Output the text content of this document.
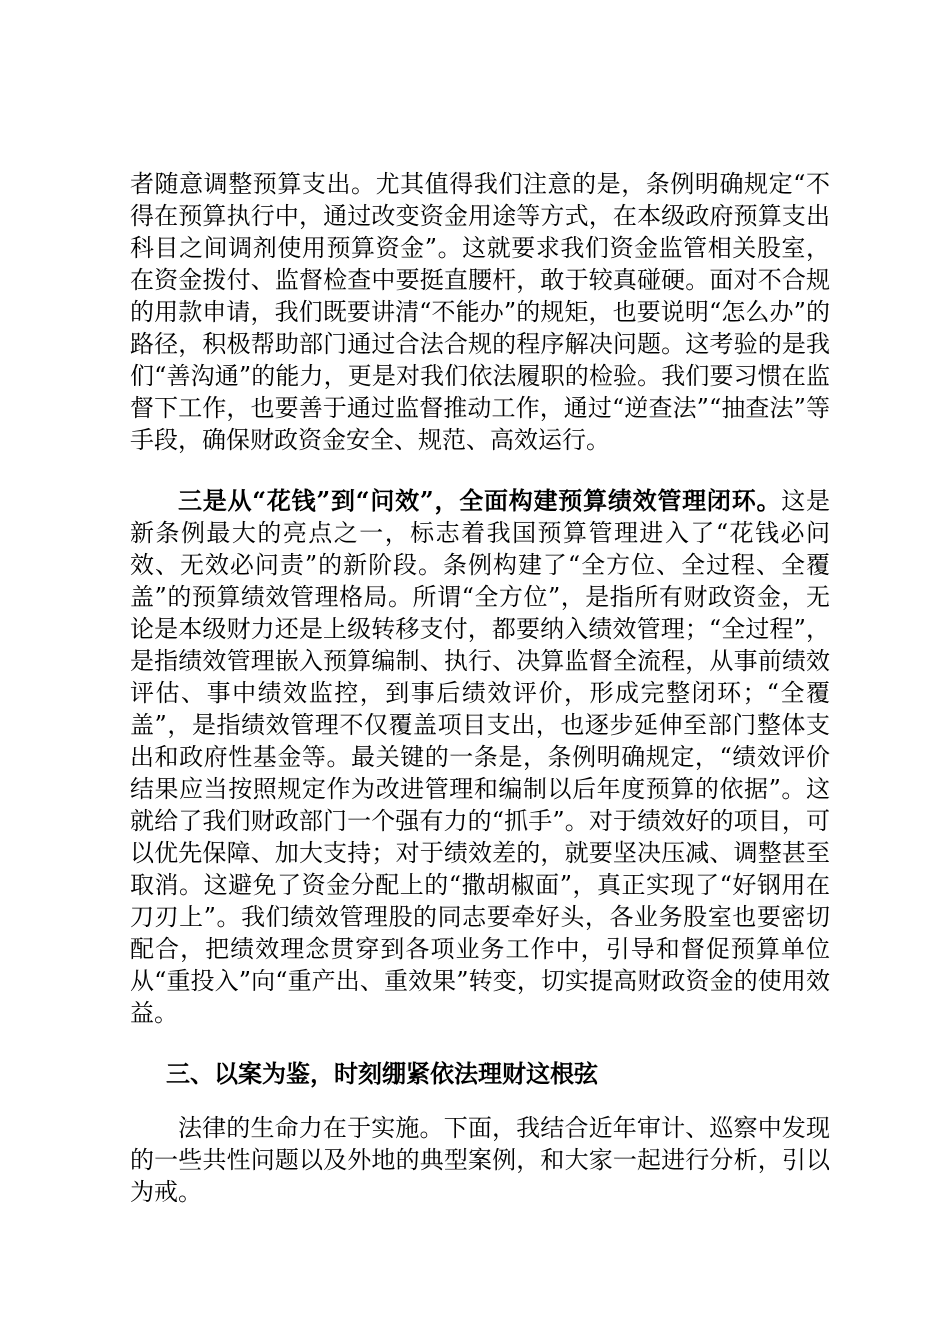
者随意调整预算支出。尤其值得我们注意的是，条例明确规定“不得在预算执行中，通过改变资金用途等方式，在本级政府预算支出科目之间调剂使用预算资金”。这就要求我们资金监管相关股室，在资金拨付、监督检查中要挺直腰杆，敢于较真碰硬。面对不合规的用款申请，我们既要讲清“不能办”的规矩，也要说明“怎么办”的路径，积极帮助部门通过合法合规的程序解决问题。这考验的是我们“善沟通”的能力，更是对我们依法履职的检验。我们要习惯在监督下工作，也要善于通过监督推动工作，通过“逆查法”“抽查法”等手段，确保财政资金安全、规范、高效运行。

三是从“花钱”到“问效”，全面构建预算绩效管理闭环。这是新条例最大的亮点之一，标志着我国预算管理进入了“花钱必问效、无效必问责”的新阶段。条例构建了“全方位、全过程、全覆盖”的预算绩效管理格局。所谓“全方位”，是指所有财政资金，无论是本级财力还是上级转移支付，都要纳入绩效管理；“全过程”，是指绩效管理嵌入预算编制、执行、决算监督全流程，从事前绩效评估、事中绩效监控，到事后绩效评价，形成完整闭环；“全覆盖”，是指绩效管理不仅覆盖项目支出，也逐步延伸至部门整体支出和政府性基金等。最关键的一条是，条例明确规定，“绩效评价结果应当按照规定作为改进管理和编制以后年度预算的依据”。这就给了我们财政部门一个强有力的“抓手”。对于绩效好的项目，可以优先保障、加大支持；对于绩效差的，就要坚决压减、调整甚至取消。这避免了资金分配上的“撒胡椒面”，真正实现了“好钢用在刀刃上”。我们绩效管理股的同志要牵好头，各业务股室也要密切配合，把绩效理念贯穿到各项业务工作中，引导和督促预算单位从“重投入”向“重产出、重效果”转变，切实提高财政资金的使用效益。

三、以案为鉴，时刻绷紧依法理财这根弦

法律的生命力在于实施。下面，我结合近年审计、巡察中发现的一些共性问题以及外地的典型案例，和大家一起进行分析，引以为戒。
